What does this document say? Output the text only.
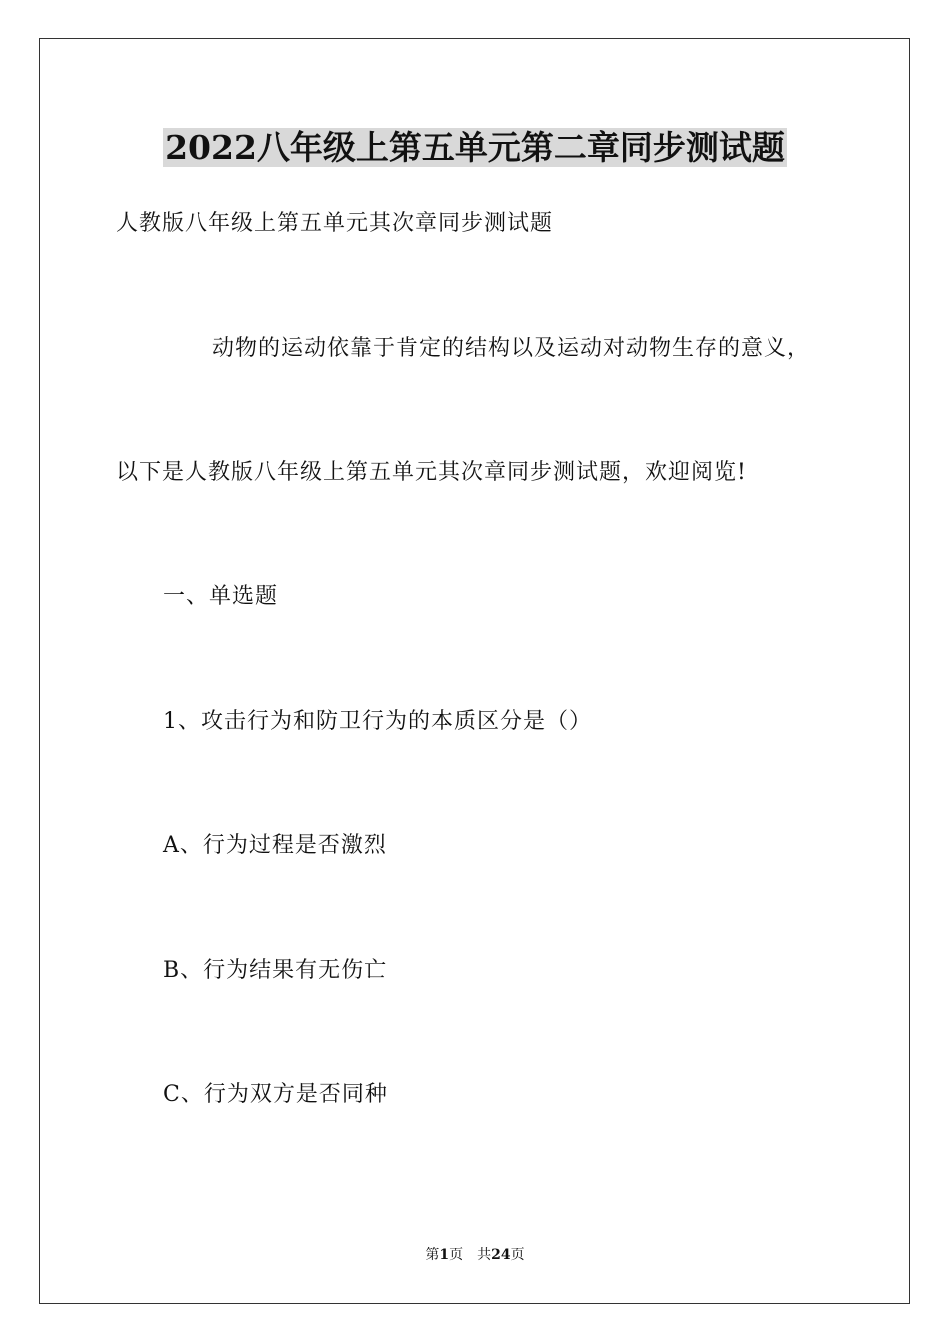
2022八年级上第五单元第二章同步测试题
人教版八年级上第五单元其次章同步测试题
动物的运动依靠于肯定的结构以及运动对动物生存的意义，
以下是人教版八年级上第五单元其次章同步测试题，欢迎阅览!
一、单选题
1、攻击行为和防卫行为的本质区分是（）
A、行为过程是否激烈
B、行为结果有无伤亡
C、行为双方是否同种
第1页 共24页
